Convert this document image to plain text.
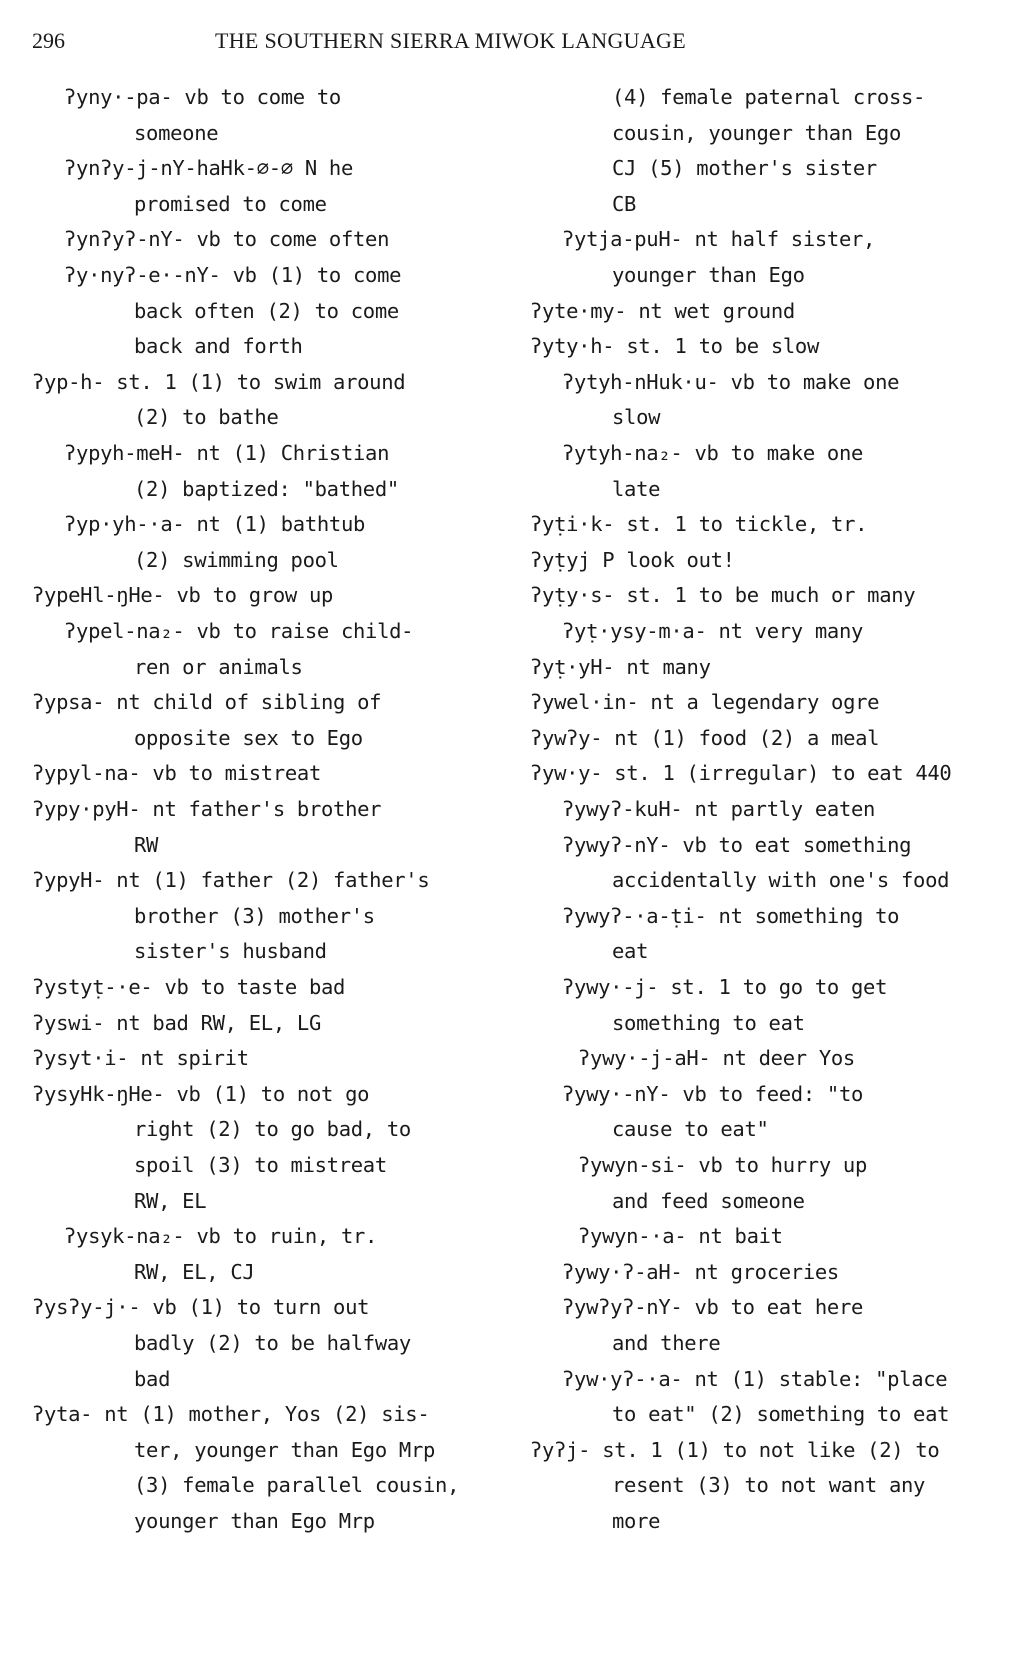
296	THE SOUTHERN SIERRA MIWOK LANGUAGE
ʔyny·-pa- vb to come to
someone
ʔynʔy-j-nY-haHk-∅-∅ N he
promised to come
ʔynʔyʔ-nY- vb to come often
ʔy·nyʔ-e·-nY- vb (1) to come
back often (2) to come
back and forth
ʔyp-h- st. 1 (1) to swim around
(2) to bathe
ʔypyh-meH- nt (1) Christian
(2) baptized: "bathed"
ʔyp·yh-·a- nt (1) bathtub
(2) swimming pool
ʔypeHl-ŋHe- vb to grow up
ʔypel-na₂- vb to raise child-
ren or animals
ʔypsa- nt child of sibling of
opposite sex to Ego
ʔypyl-na- vb to mistreat
ʔypy·pyH- nt father's brother
RW
ʔypyH- nt (1) father (2) father's
brother (3) mother's
sister's husband
ʔystyṭ-·e- vb to taste bad
ʔyswi- nt bad RW, EL, LG
ʔysyt·i- nt spirit
ʔysyHk-ŋHe- vb (1) to not go
right (2) to go bad, to
spoil (3) to mistreat
RW, EL
ʔysyk-na₂- vb to ruin, tr.
RW, EL, CJ
ʔysʔy-j·- vb (1) to turn out
badly (2) to be halfway
bad
ʔyta- nt (1) mother, Yos (2) sis-
ter, younger than Ego Mrp
(3) female parallel cousin,
younger than Ego Mrp
(4) female paternal cross-
cousin, younger than Ego
CJ (5) mother's sister
CB
ʔytja-puH- nt half sister,
younger than Ego
ʔyte·my- nt wet ground
ʔyty·h- st. 1 to be slow
ʔytyh-nHuk·u- vb to make one
slow
ʔytyh-na₂- vb to make one
late
ʔyṭi·k- st. 1 to tickle, tr.
ʔyṭyj P look out!
ʔyṭy·s- st. 1 to be much or many
ʔyṭ·ysy-m·a- nt very many
ʔyṭ·yH- nt many
ʔywel·in- nt a legendary ogre
ʔywʔy- nt (1) food (2) a meal
ʔyw·y- st. 1 (irregular) to eat 440
ʔywyʔ-kuH- nt partly eaten
ʔywyʔ-nY- vb to eat something
accidentally with one's food
ʔywyʔ-·a-ṭi- nt something to
eat
ʔywy·-j- st. 1 to go to get
something to eat
ʔywy·-j-aH- nt deer Yos
ʔywy·-nY- vb to feed: "to
cause to eat"
ʔywyn-si- vb to hurry up
and feed someone
ʔywyn-·a- nt bait
ʔywy·ʔ-aH- nt groceries
ʔywʔyʔ-nY- vb to eat here
and there
ʔyw·yʔ-·a- nt (1) stable: "place
to eat" (2) something to eat
ʔyʔj- st. 1 (1) to not like (2) to
resent (3) to not want any
more
